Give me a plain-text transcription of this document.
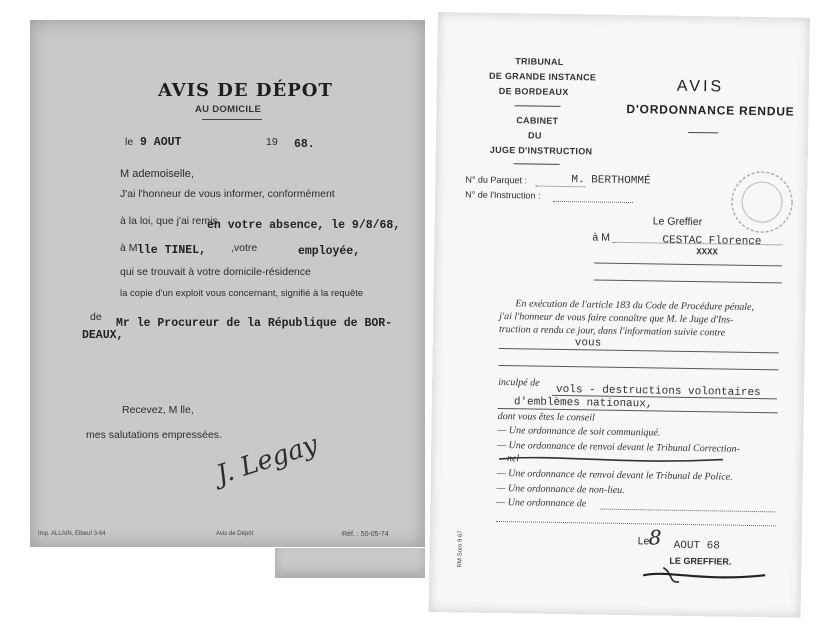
AVIS DE DÉPOT
AU DOMICILE
le 9 AOUT	19 68.
M ademoiselle,
J'ai l'honneur de vous informer, conformément
à la loi, que j'ai remis
en votre absence, le 9/8/68,
à M lle TINEL, ,votre	employée,
qui se trouvait à votre domicile-résidence
la copie d'un exploit vous concernant, signifié à la requête
de Mr le Procureur de la République de BOR-
DEAUX,
Recevez, M lle,
mes salutations empressées.
J. Legay
Imp. ALLAIN, Elbeuf 3-64	Avis de Dépôt	Réf. : 50-05-74
TRIBUNAL
DE GRANDE INSTANCE
DE BORDEAUX
CABINET
DU
JUGE D'INSTRUCTION
AVIS
D'ORDONNANCE RENDUE
N° du Parquet :	M. BERTHOMMÉ
N° de l'Instruction :
Le Greffier
à M	CESTAC Florence
XXXX
En exécution de l'article 183 du Code de Procédure pénale,
j'ai l'honneur de vous faire connaître que M. le Juge d'Ins-
truction a rendu ce jour, dans l'information suivie contre
vous
inculpé de
vols - destructions volontaires
d'emblèmes nationaux,
dont vous êtes le conseil
— Une ordonnance de soit communiqué.
— Une ordonnance de renvoi devant le Tribunal Correction-
nel
— Une ordonnance de renvoi devant le Tribunal de Police.
— Une ordonnance de non-lieu.
— Une ordonnance de
Le 8 AOUT 68
LE GREFFIER.
RM Soro 9 67
